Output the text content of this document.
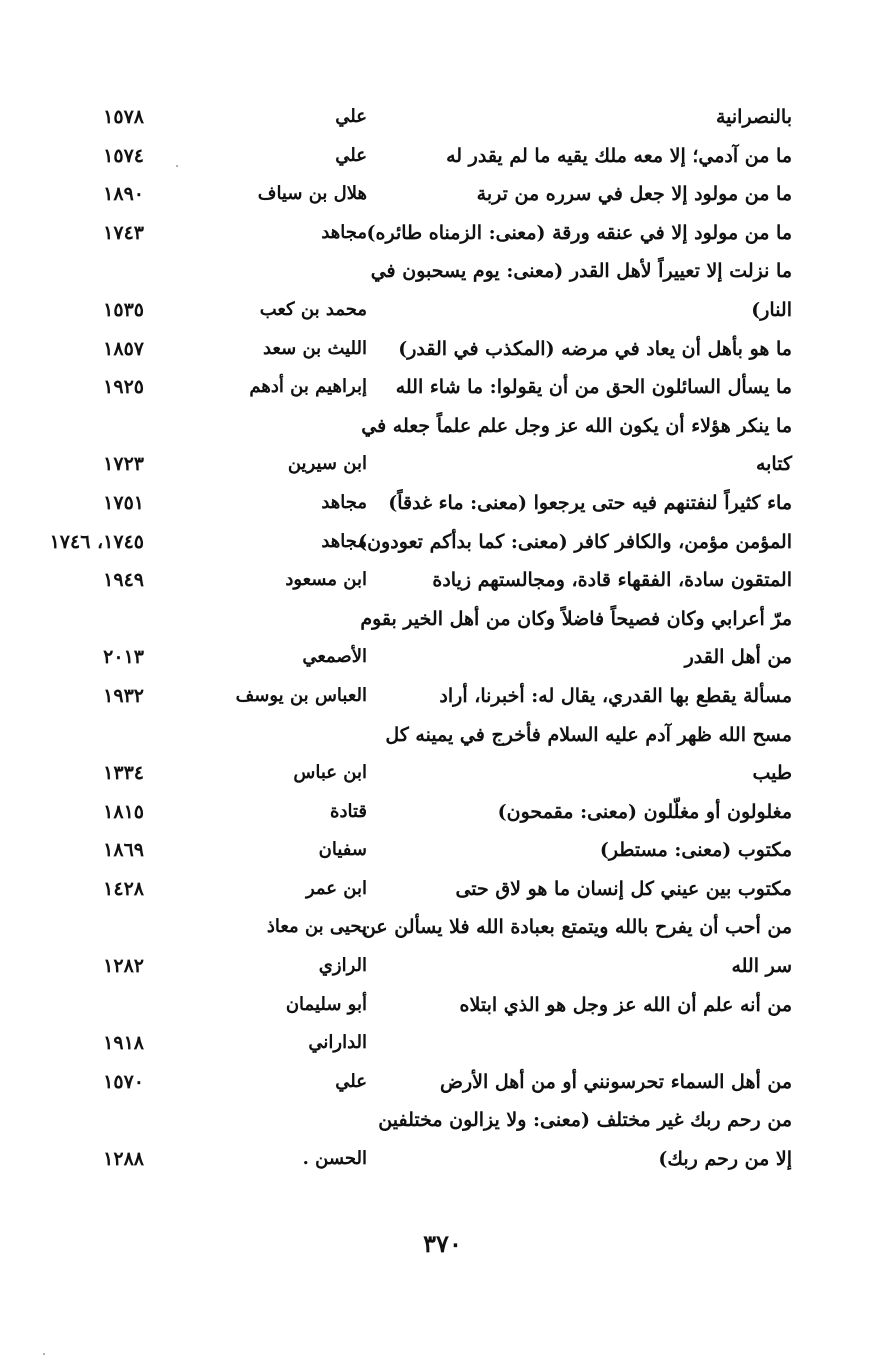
بالنصرانية
علي
١٥٧٨
ما من آدمي؛ إلا معه ملك يقيه ما لم يقدر له
علي
١٥٧٤
ما من مولود إلا جعل في سرره من تربة
هلال بن سياف
١٨٩٠
ما من مولود إلا في عنقه ورقة (معنى: الزمناه طائره)
مجاهد
١٧٤٣
ما نزلت إلا تعييراً لأهل القدر (معنى: يوم يسحبون في
النار)
محمد بن كعب
١٥٣٥
ما هو بأهل أن يعاد في مرضه (المكذب في القدر)
الليث بن سعد
١٨٥٧
ما يسأل السائلون الحق من أن يقولوا: ما شاء الله
إبراهيم بن أدهم
١٩٢٥
ما ينكر هؤلاء أن يكون الله عز وجل علم علماً جعله في
كتابه
ابن سيرين
١٧٢٣
ماء كثيراً لنفتنهم فيه حتى يرجعوا (معنى: ماء غدقاً)
مجاهد
١٧٥١
المؤمن مؤمن، والكافر كافر (معنى: كما بدأكم تعودون)
مجاهد
١٧٤٥، ١٧٤٦
المتقون سادة، الفقهاء قادة، ومجالستهم زيادة
ابن مسعود
١٩٤٩
مرّ أعرابي وكان فصيحاً فاضلاً وكان من أهل الخير بقوم
من أهل القدر
الأصمعي
٢٠١٣
مسألة يقطع بها القدري، يقال له: أخبرنا، أراد
العباس بن يوسف
١٩٣٢
مسح الله ظهر آدم عليه السلام فأخرج في يمينه كل
طيب
ابن عباس
١٣٣٤
مغلولون أو مغلّلون (معنى: مقمحون)
قتادة
١٨١٥
مكتوب (معنى: مستطر)
سفيان
١٨٦٩
مكتوب بين عيني كل إنسان ما هو لاق حتى
ابن عمر
١٤٢٨
من أحب أن يفرح بالله ويتمتع بعبادة الله فلا يسألن عن
يحيى بن معاذ
سر الله
الرازي
١٢٨٢
من أنه علم أن الله عز وجل هو الذي ابتلاه
أبو سليمان
الداراني
١٩١٨
من أهل السماء تحرسونني أو من أهل الأرض
علي
١٥٧٠
من رحم ربك غير مختلف (معنى: ولا يزالون مختلفين
إلا من رحم ربك)
الحسن .
١٢٨٨
٣٧٠
